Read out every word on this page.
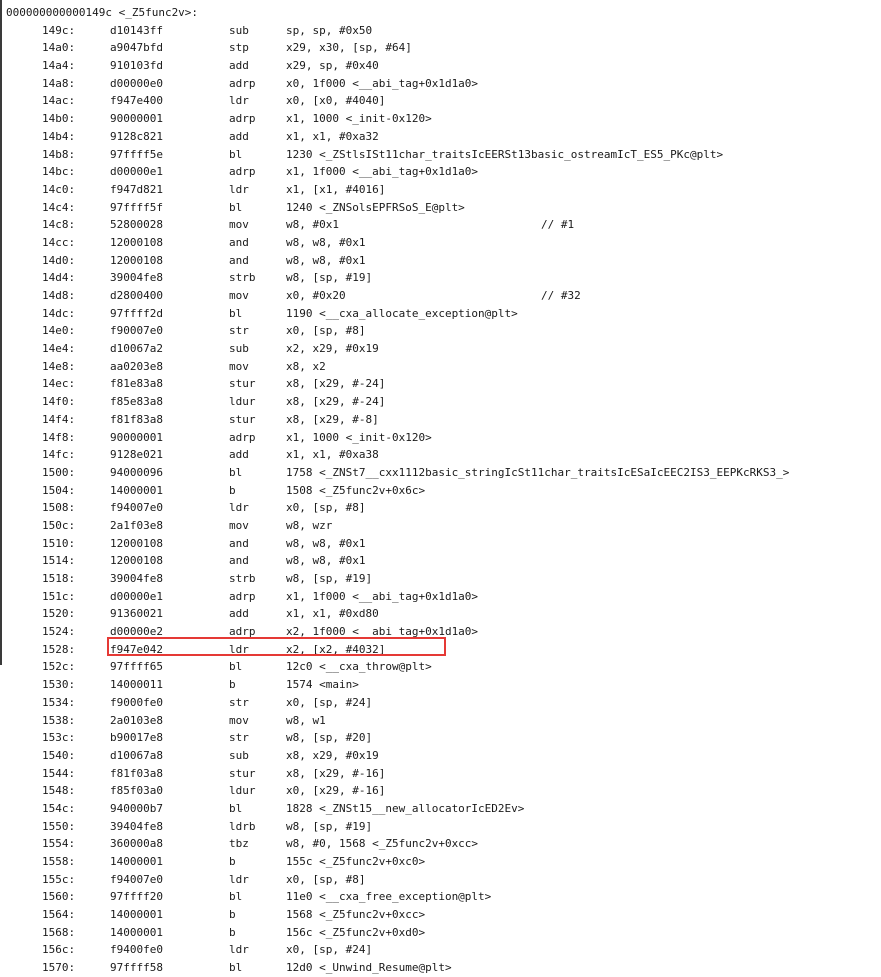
000000000000149c <_Z5func2v>:
149c:	d10143ff	sub	sp, sp, #0x50
14a0:	a9047bfd	stp	x29, x30, [sp, #64]
14a4:	910103fd	add	x29, sp, #0x40
14a8:	d00000e0	adrp	x0, 1f000 <__abi_tag+0x1d1a0>
14ac:	f947e400	ldr	x0, [x0, #4040]
14b0:	90000001	adrp	x1, 1000 <_init-0x120>
14b4:	9128c821	add	x1, x1, #0xa32
14b8:	97ffff5e	bl	1230 <_ZStlsISt11char_traitsIcEERSt13basic_ostreamIcT_ES5_PKc@plt>
14bc:	d00000e1	adrp	x1, 1f000 <__abi_tag+0x1d1a0>
14c0:	f947d821	ldr	x1, [x1, #4016]
14c4:	97ffff5f	bl	1240 <_ZNSolsEPFRSoS_E@plt>
14c8:	52800028	mov	w8, #0x1	// #1
14cc:	12000108	and	w8, w8, #0x1
14d0:	12000108	and	w8, w8, #0x1
14d4:	39004fe8	strb	w8, [sp, #19]
14d8:	d2800400	mov	x0, #0x20	// #32
14dc:	97ffff2d	bl	1190 <__cxa_allocate_exception@plt>
14e0:	f90007e0	str	x0, [sp, #8]
14e4:	d10067a2	sub	x2, x29, #0x19
14e8:	aa0203e8	mov	x8, x2
14ec:	f81e83a8	stur	x8, [x29, #-24]
14f0:	f85e83a8	ldur	x8, [x29, #-24]
14f4:	f81f83a8	stur	x8, [x29, #-8]
14f8:	90000001	adrp	x1, 1000 <_init-0x120>
14fc:	9128e021	add	x1, x1, #0xa38
1500:	94000096	bl	1758 <_ZNSt7__cxx1112basic_stringIcSt11char_traitsIcESaIcEEC2IS3_EEPKcRKS3_>
1504:	14000001	b	1508 <_Z5func2v+0x6c>
1508:	f94007e0	ldr	x0, [sp, #8]
150c:	2a1f03e8	mov	w8, wzr
1510:	12000108	and	w8, w8, #0x1
1514:	12000108	and	w8, w8, #0x1
1518:	39004fe8	strb	w8, [sp, #19]
151c:	d00000e1	adrp	x1, 1f000 <__abi_tag+0x1d1a0>
1520:	91360021	add	x1, x1, #0xd80
1524:	d00000e2	adrp	x2, 1f000 <__abi_tag+0x1d1a0>
1528:	f947e042	ldr	x2, [x2, #4032]
152c:	97ffff65	bl	12c0 <__cxa_throw@plt>
1530:	14000011	b	1574 <main>
1534:	f9000fe0	str	x0, [sp, #24]
1538:	2a0103e8	mov	w8, w1
153c:	b90017e8	str	w8, [sp, #20]
1540:	d10067a8	sub	x8, x29, #0x19
1544:	f81f03a8	stur	x8, [x29, #-16]
1548:	f85f03a0	ldur	x0, [x29, #-16]
154c:	940000b7	bl	1828 <_ZNSt15__new_allocatorIcED2Ev>
1550:	39404fe8	ldrb	w8, [sp, #19]
1554:	360000a8	tbz	w8, #0, 1568 <_Z5func2v+0xcc>
1558:	14000001	b	155c <_Z5func2v+0xc0>
155c:	f94007e0	ldr	x0, [sp, #8]
1560:	97ffff20	bl	11e0 <__cxa_free_exception@plt>
1564:	14000001	b	1568 <_Z5func2v+0xcc>
1568:	14000001	b	156c <_Z5func2v+0xd0>
156c:	f9400fe0	ldr	x0, [sp, #24]
1570:	97ffff58	bl	12d0 <_Unwind_Resume@plt>
